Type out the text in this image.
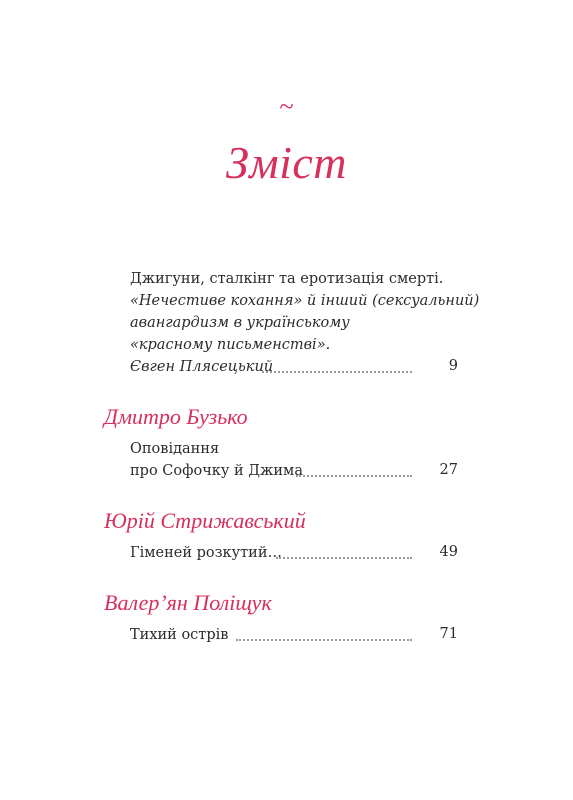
~
Зміст
Джигуни, сталкінг та еротизація смерті.
«Нечестиве кохання» й інший (сексуальний)
авангардизм в українському
«красному письменстві».
Євген Плясецький	9
Дмитро Бузько
Оповідання
про Софочку й Джима	27
Юрій Стрижавський
Гіменей розкутий…	49
Валер’ян Поліщук
Тихий острів	71
